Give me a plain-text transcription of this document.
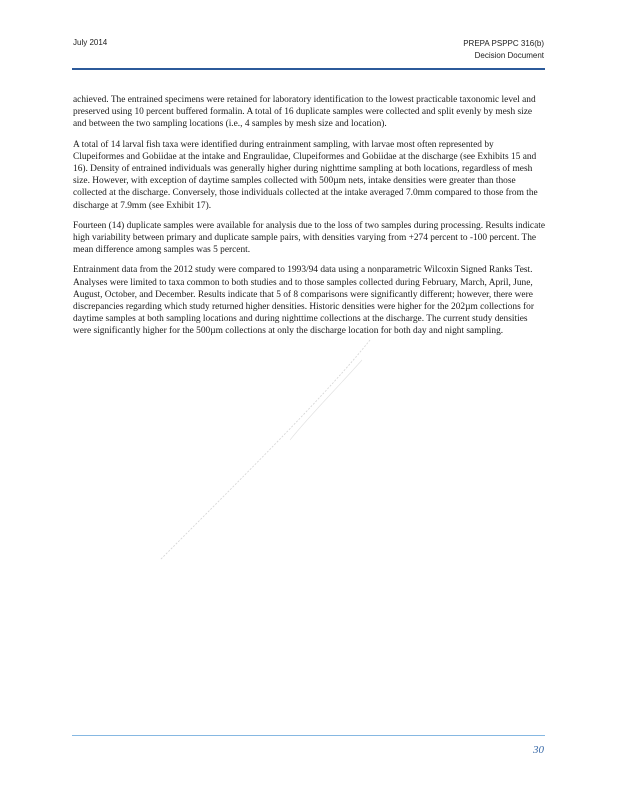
July 2014	PREPA PSPPC 316(b)
Decision Document

achieved. The entrained specimens were retained for laboratory identification to the lowest practicable taxonomic level and preserved using 10 percent buffered formalin. A total of 16 duplicate samples were collected and split evenly by mesh size and between the two sampling locations (i.e., 4 samples by mesh size and location).

A total of 14 larval fish taxa were identified during entrainment sampling, with larvae most often represented by Clupeiformes and Gobiidae at the intake and Engraulidae, Clupeiformes and Gobiidae at the discharge (see Exhibits 15 and 16). Density of entrained individuals was generally higher during nighttime sampling at both locations, regardless of mesh size. However, with exception of daytime samples collected with 500µm nets, intake densities were greater than those collected at the discharge. Conversely, those individuals collected at the intake averaged 7.0mm compared to those from the discharge at 7.9mm (see Exhibit 17).

Fourteen (14) duplicate samples were available for analysis due to the loss of two samples during processing. Results indicate high variability between primary and duplicate sample pairs, with densities varying from +274 percent to -100 percent. The mean difference among samples was 5 percent.

Entrainment data from the 2012 study were compared to 1993/94 data using a nonparametric Wilcoxin Signed Ranks Test. Analyses were limited to taxa common to both studies and to those samples collected during February, March, April, June, August, October, and December. Results indicate that 5 of 8 comparisons were significantly different; however, there were discrepancies regarding which study returned higher densities. Historic densities were higher for the 202µm collections for daytime samples at both sampling locations and during nighttime collections at the discharge. The current study densities were significantly higher for the 500µm collections at only the discharge location for both day and night sampling.

30
